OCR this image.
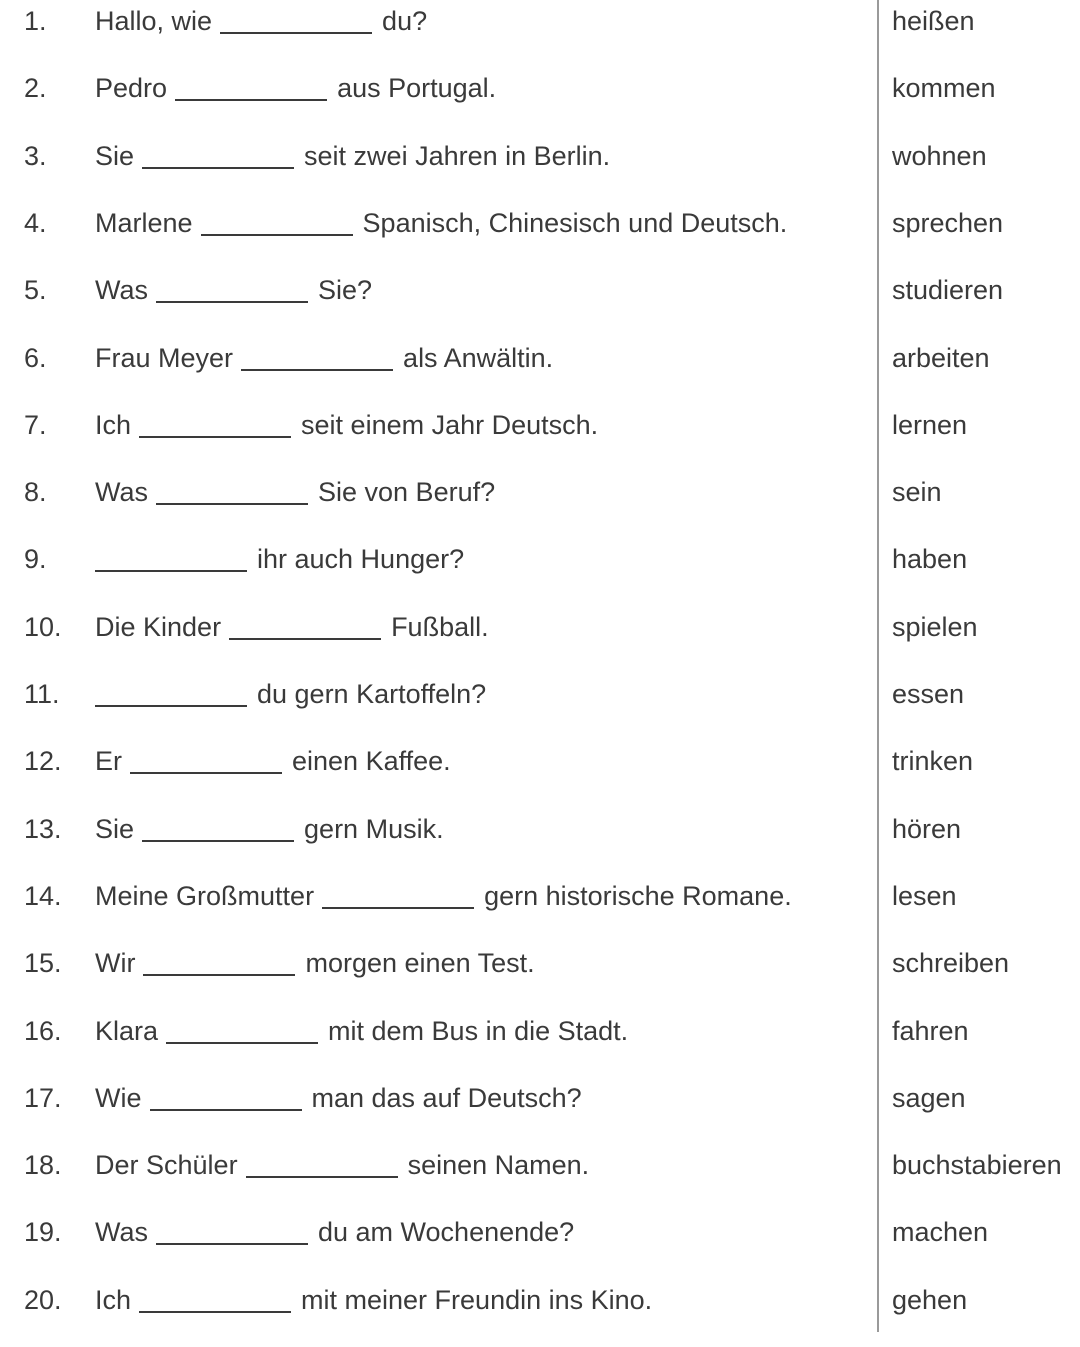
1. Hallo, wie	du?	heißen
2. Pedro	aus Portugal.	kommen
3. Sie	seit zwei Jahren in Berlin.	wohnen
4. Marlene	Spanisch, Chinesisch und Deutsch.	sprechen
5. Was	Sie?	studieren
6. Frau Meyer	als Anwältin.	arbeiten
7. Ich	seit einem Jahr Deutsch.	lernen
8. Was	Sie von Beruf?	sein
9.	ihr auch Hunger?	haben
10. Die Kinder	Fußball.	spielen
11.	du gern Kartoffeln?	essen
12. Er	einen Kaffee.	trinken
13. Sie	gern Musik.	hören
14. Meine Großmutter	gern historische Romane.	lesen
15. Wir	morgen einen Test.	schreiben
16. Klara	mit dem Bus in die Stadt.	fahren
17. Wie	man das auf Deutsch?	sagen
18. Der Schüler	seinen Namen.	buchstabieren
19. Was	du am Wochenende?	machen
20. Ich	mit meiner Freundin ins Kino.	gehen
